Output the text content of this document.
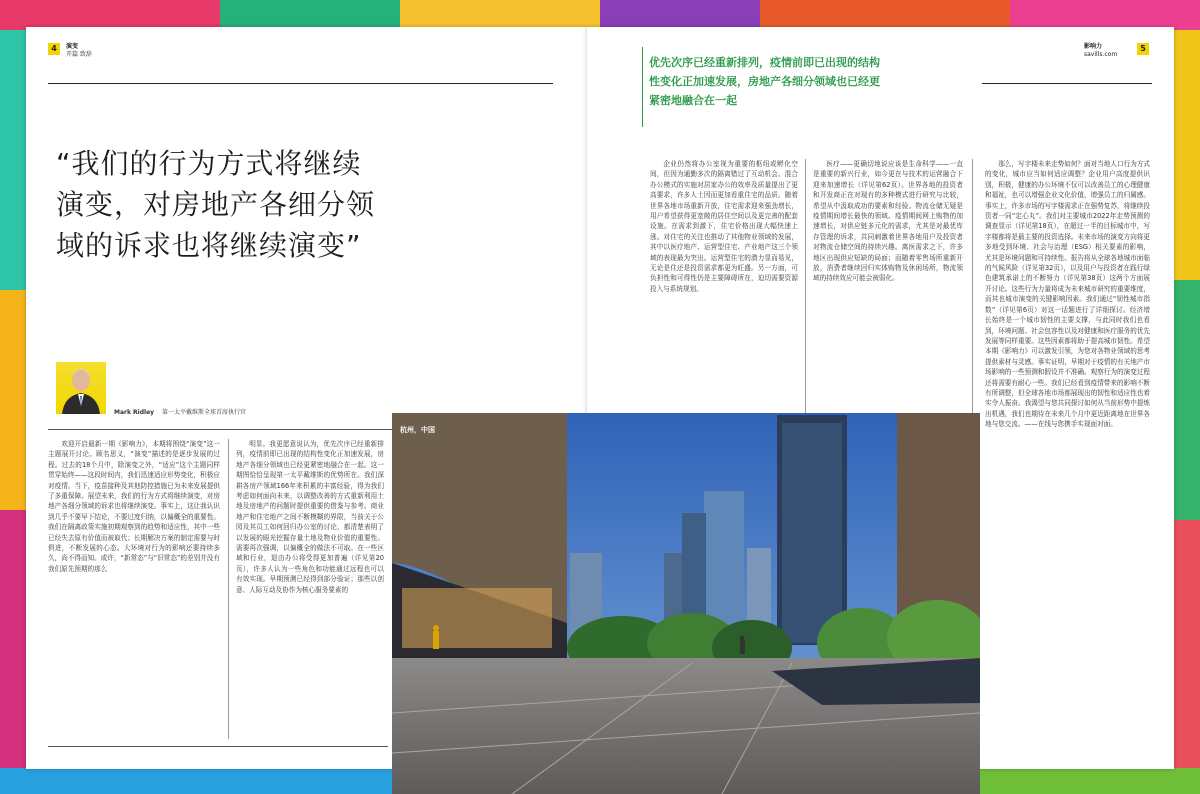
4	演变
开篇 致辞
“我们的行为方式将继续演变，对房地产各细分领域的诉求也将继续演变”
Mark Ridley 第一太平戴维斯全球首席执行官

欢迎开启最新一期《影响力》，本期将围绕“演变”这一主题展开讨论。顾名思义，“演变”描述的是逐步发展的过程。过去的18个月中，除演变之外，“适应”这个主题同样贯穿始终——这段时间内，我们迅速适应形势变化，积极应对疫情。当下，疫苗接种及其他防控措施已为未来发展提供了多重保障。展望未来，我们的行为方式将继续演变，对房地产各细分领域的诉求也将继续演变。事实上，这让我认识到几乎不要早下结论，不要过度归纳，以偏概全的重要性。我们在隔离政策实施初期观察到的趋势和适应性，其中一些已经失去原有价值而被取代；长期解决方案的制定需要与时俱进，不断发展的心态。大环境对行为的影响还要持续多久，尚不得而知。或许，“新常态”与“旧常态”的差别并没有我们原先预期的那么

明显。我更愿意说认为，优先次序已经重新排列，疫情前即已出现的结构性变化正加速发展，房地产各细分领域也已经更紧密地融合在一起。这一期图恰恰呈现第一太平戴维斯的优势所在。我们深耕各房产领域166年来积累的丰富经验，得为我们考虑如何面向未来，以调整改善的方式重新利用土地及房地产的问题时提供重要的借鉴与参考。商业地产和住宅地产之间不断模糊的界限，当前关于公园及其员工如何回归办公室的讨论，都清楚表明了以发展的眼光挖掘存量土地及物业价值的重要性。需要再次强调，以偏概全的做法不可取。在一些区域和行业，退由办公将受得更加普遍（详见第20页），许多人认为一些角色和功能通过远程也可以有效实现。早期预测已经得到部分验证；那些以创意、人际互动及协作为核心服务要素的

优先次序已经重新排列，疫情前即已出现的结构性变化正加速发展，房地产各细分领域也已经更紧密地融合在一起
影响力
savills.com
5

企业仍然将办公室视为重要的枢纽或孵化空间，但因为通勤多次的隔离错过了互动机会。混合办公模式的实施对居家办公的效率及质量提出了更高要求，许多人士因而更加看重住宅的品质。随着世界各地市场重新开放，住宅需求迎来强劲增长，用户希望获得更宽敞的居住空间以及更完善的配套设施。在需求到激下，住宅价格出现大幅快速上涨。对住宅的关注也推动了其他物业领域的发展，其中以医疗地产、运营型住宅、产业地产这三个领域的表现最为突出。运营型住宅的潜力显而易见，无论是住还是投资需求都更为旺盛。另一方面，可负担性和可得性仍是主要障碍所在，迫切需要资源投入与系统规划。

医疗——更确切地说应该是生命科学——一直是重要的新兴行业，如今更在与技术的运营融合下迎来加速增长（详见第62页）。世界各地的投资者和开发商正在对现有的多种模式进行研究与比较，希望从中汲取成功的要素和经验。物流仓储无疑是疫情期间增长最快的领域。疫情期间网上购物的加速增长，对供应链多元化的需求，尤其是对最优库存管理的诉求，共同刺激着世界各地用户及投资者对物流仓储空间的持续兴趣。离医需求之下，许多地区出现供应短缺的局面；而随着零售场所重新开放，消费者继续回归实体购物及休闲场所，物流领域的持续效应可能会被弱化。

那么，写字楼未来走势如何？面对当地人口行为方式的变化，城市应当如何适应调整？企业用户高度提供识别，积极，健康的办公环境不仅可以改善员工的心理健康和福祉，也可以增强企业文化价值，增强员工的归属感。事实上，许多市场的写字楼需求正在强势复苏，将继续投资者一同“定心丸”。我们对主要城市2022年走势预测的调查显示（详见第18页），在超过一半的目标城市中，写字楼都将是最主要的投资选择。未来市场的演变方向将更多地受到环境、社会与治理（ESG）相关要素的影响，尤其是环境问题和可持续性。报告将从全球各地城市面临的气候风险（详见第32页），以及用户与投资者在践行绿色建筑承诺上的不断努力（详见第38页）这两个方面展开讨论。这些行为力量将成为未来城市研究的重要维度，而其也城市演变的关键影响因素。我们通过“韧性城市指数”（详见第6页）对这一话题进行了详细探讨。经济增长始终是一个城市韧性的主要支撑，与此同时我们也看到，环境问题、社会包容性以及对健康和医疗服务的优先发展等同样重要。这些因素都将助于提高城市韧性。希望本期《影响力》可以激发引领，为您对各物业领域的思考提供素材与灵感。事实证明，早期对于疫情的有关地产市场影响的一些预测和假设并不准确。观察行为的演变过程还将需要有耐心一些。我们已经看到疫情带来的影响不断有所调整，但全球各地市场都展现出的韧性和适应性也着实令人振奋。我渴望与您共同探讨如何从当前形势中提炼出机遇，我们也期待在未来几个月中更近距离地在世界各地与您交流。——在线与您携手实现面对面。

杭州，中国
